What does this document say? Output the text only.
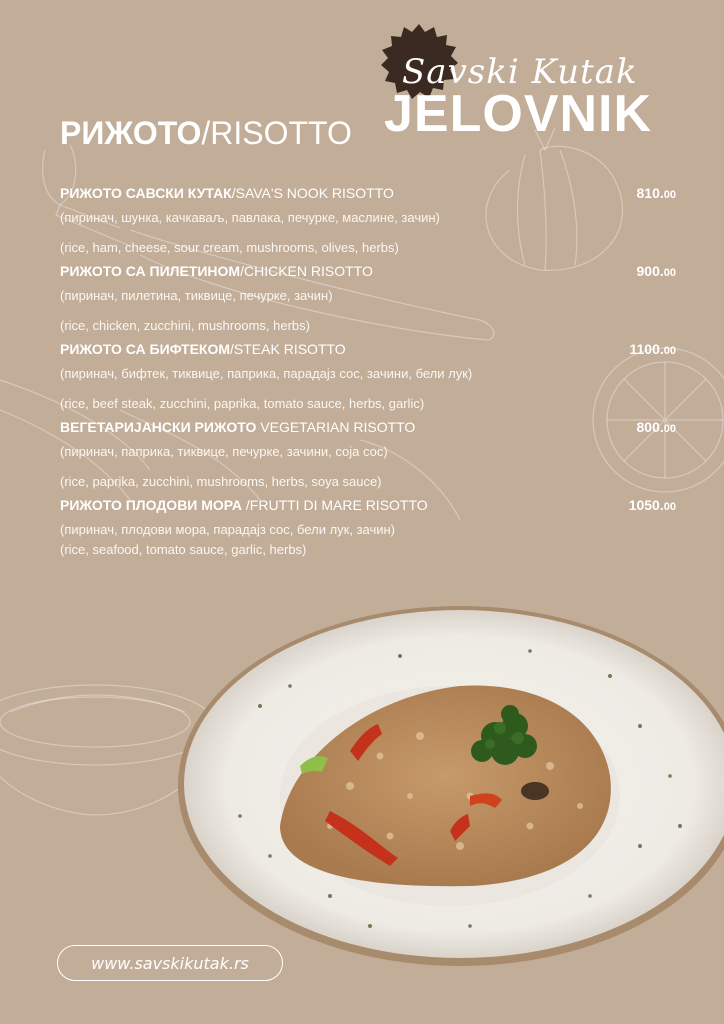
Savski Kutak
JELOVNIK
РИЖОТО/RISOTTO
РИЖОТО САВСКИ КУТАК/SAVA'S NOOK RISOTTO	810.00
(пиринач, шунка, качкаваљ, павлака, печурке, маслине, зачин)
(rice, ham, cheese, sour cream, mushrooms, olives, herbs)
РИЖОТО СА ПИЛЕТИНОМ/CHICKEN RISOTTO	900.00
(пиринач, пилетина, тиквице, печурке, зачин)
(rice, chicken, zucchini, mushrooms, herbs)
РИЖОТО СА БИФТЕКОМ/STEAK RISOTTO	1100.00
(пиринач, бифтек, тиквице, паприка, парадајз сос, зачини, бели лук)
(rice, beef steak, zucchini, paprika, tomato sauce, herbs, garlic)
ВЕГЕТАРИЈАНСКИ РИЖОТО VEGETARIAN RISOTTO	800.00
(пиринач, паприка, тиквице, печурке, зачини, соја сос)
(rice, paprika, zucchini, mushrooms, herbs, soya sauce)
РИЖОТО ПЛОДОВИ МОРА /FRUTTI DI MARE RISOTTO	1050.00
(пиринач, плодови мора, парадајз сос, бели лук, зачин)
(rice, seafood, tomato sauce, garlic, herbs)
www.savskikutak.rs
